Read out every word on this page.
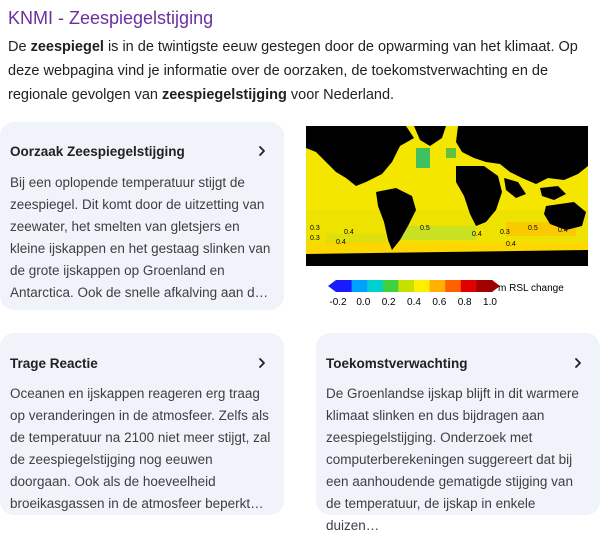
KNMI - Zeespiegelstijging

De zeespiegel is in de twintigste eeuw gestegen door de opwarming van het klimaat. Op deze webpagina vind je informatie over de oorzaken, de toekomstverwachting en de regionale gevolgen van zeespiegelstijging voor Nederland.

Oorzaak Zeespiegelstijging
Bij een oplopende temperatuur stijgt de zeespiegel. Dit komt door de uitzetting van zeewater, het smelten van gletsjers en kleine ijskappen en het gestaag slinken van de grote ijskappen op Groenland en Antarctica. Ook de snelle afkalving aan d…
0.3
0.4
0.3
0.4
0.5
0.4	0.3
0.4
0.5	0.4
-0.2 0.0 0.2 0.4 0.6 0.8 1.0
m RSL change
Trage Reactie
Oceanen en ijskappen reageren erg traag op veranderingen in de atmosfeer. Zelfs als de temperatuur na 2100 niet meer stijgt, zal de zeespiegelstijging nog eeuwen doorgaan. Ook als de hoeveelheid broeikasgassen in de atmosfeer beperkt…
Toekomstverwachting
De Groenlandse ijskap blijft in dit warmere klimaat slinken en dus bijdragen aan zeespiegelstijging. Onderzoek met computerberekeningen suggereert dat bij een aanhoudende gematigde stijging van de temperatuur, de ijskap in enkele duizen…
